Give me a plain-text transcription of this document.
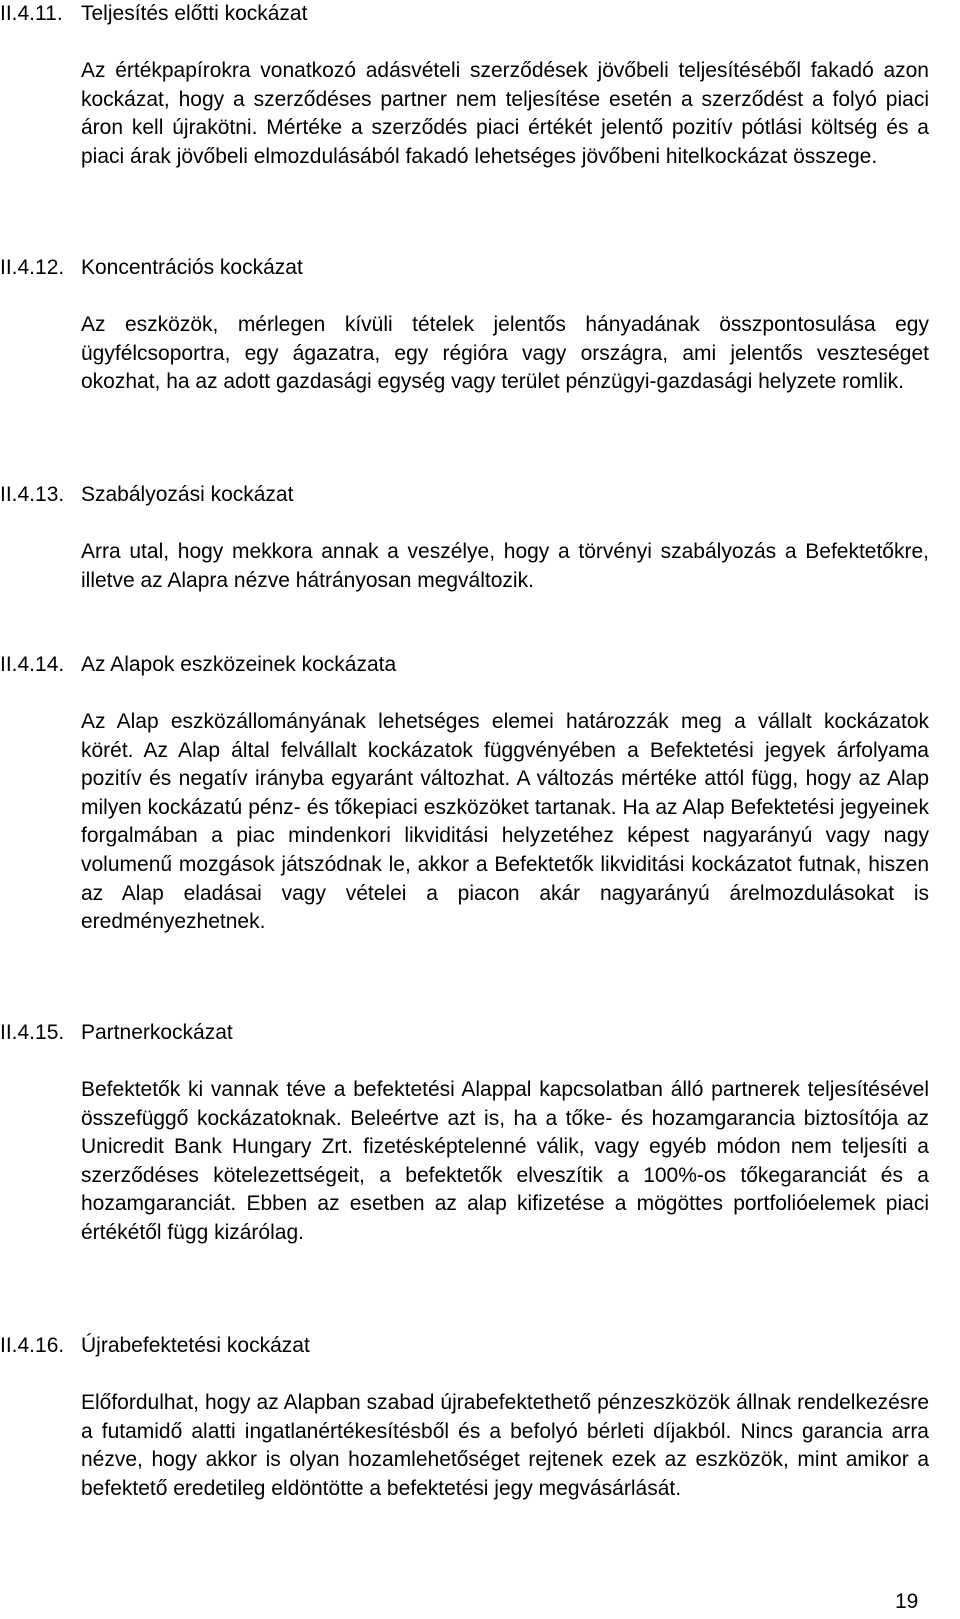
II.4.11. Teljesítés előtti kockázat
Az értékpapírokra vonatkozó adásvételi szerződések jövőbeli teljesítéséből fakadó azon kockázat, hogy a szerződéses partner nem teljesítése esetén a szerződést a folyó piaci áron kell újrakötni. Mértéke a szerződés piaci értékét jelentő pozitív pótlási költség és a piaci árak jövőbeli elmozdulásából fakadó lehetséges jövőbeni hitelkockázat összege.
II.4.12. Koncentrációs kockázat
Az eszközök, mérlegen kívüli tételek jelentős hányadának összpontosulása egy ügyfélcsoportra, egy ágazatra, egy régióra vagy országra, ami jelentős veszteséget okozhat, ha az adott gazdasági egység vagy terület pénzügyi-gazdasági helyzete romlik.
II.4.13. Szabályozási kockázat
Arra utal, hogy mekkora annak a veszélye, hogy a törvényi szabályozás a Befektetőkre, illetve az Alapra nézve hátrányosan megváltozik.
II.4.14. Az Alapok eszközeinek kockázata
Az Alap eszközállományának lehetséges elemei határozzák meg a vállalt kockázatok körét. Az Alap által felvállalt kockázatok függvényében a Befektetési jegyek árfolyama pozitív és negatív irányba egyaránt változhat. A változás mértéke attól függ, hogy az Alap milyen kockázatú pénz- és tőkepiaci eszközöket tartanak. Ha az Alap Befektetési jegyeinek forgalmában a piac mindenkori likviditási helyzetéhez képest nagyarányú vagy nagy volumenű mozgások játszódnak le, akkor a Befektetők likviditási kockázatot futnak, hiszen az Alap eladásai vagy vételei a piacon akár nagyarányú árelmozdulásokat is eredményezhetnek.
II.4.15. Partnerkockázat
Befektetők ki vannak téve a befektetési Alappal kapcsolatban álló partnerek teljesítésével összefüggő kockázatoknak. Beleértve azt is, ha a tőke- és hozamgarancia biztosítója az Unicredit Bank Hungary Zrt. fizetésképtelenné válik, vagy egyéb módon nem teljesíti a szerződéses kötelezettségeit, a befektetők elveszítik a 100%-os tőkegaranciát és a hozamgaranciát. Ebben az esetben az alap kifizetése a mögöttes portfolióelemek piaci értékétől függ kizárólag.
II.4.16. Újrabefektetési kockázat
Előfordulhat, hogy az Alapban szabad újrabefektethető pénzeszközök állnak rendelkezésre a futamidő alatti ingatlanértékesítésből és a befolyó bérleti díjakból. Nincs garancia arra nézve, hogy akkor is olyan hozamlehetőséget rejtenek ezek az eszközök, mint amikor a befektető eredetileg eldöntötte a befektetési jegy megvásárlását.
19
